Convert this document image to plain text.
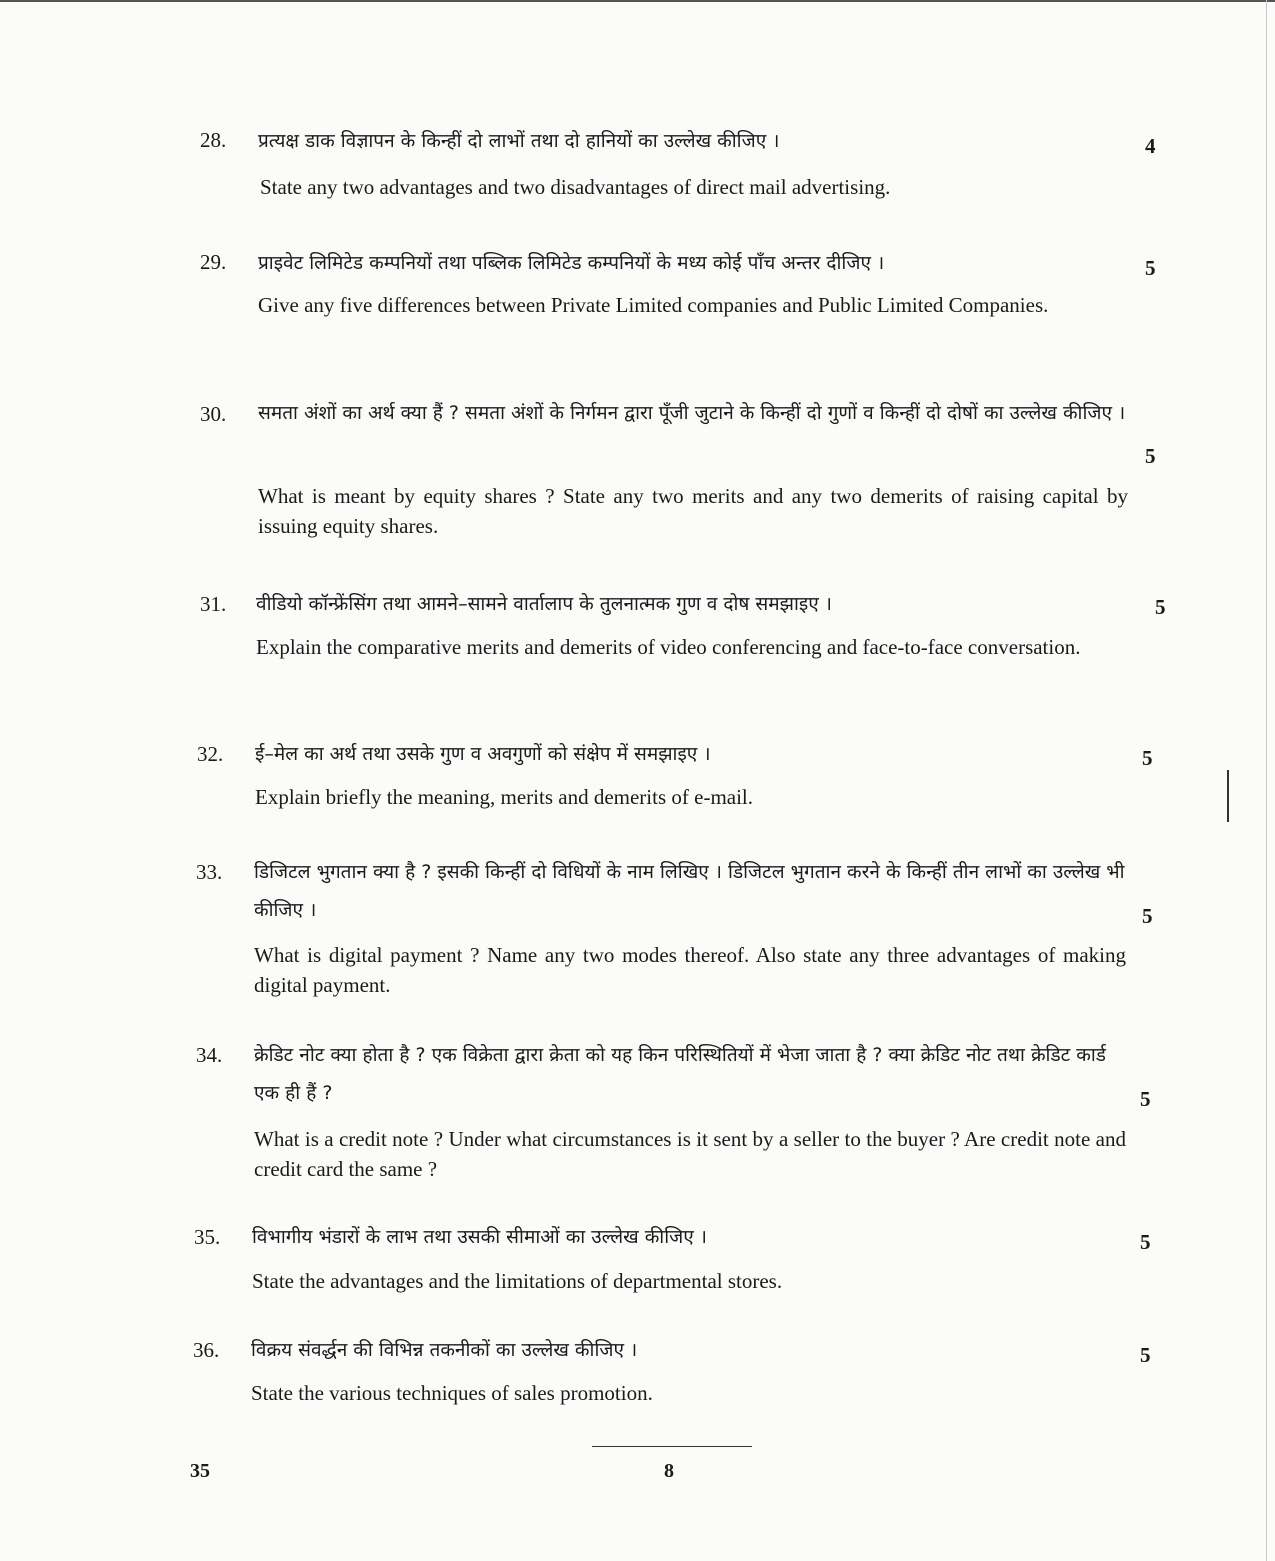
28.	प्रत्यक्ष डाक विज्ञापन के किन्हीं दो लाभों तथा दो हानियों का उल्लेख कीजिए ।	4
State any two advantages and two disadvantages of direct mail advertising.
29.	प्राइवेट लिमिटेड कम्पनियों तथा पब्लिक लिमिटेड कम्पनियों के मध्य कोई पाँच अन्तर दीजिए ।	5
Give any five differences between Private Limited companies and Public Limited Companies.
30.	समता अंशों का अर्थ क्या हैं ? समता अंशों के निर्गमन द्वारा पूँजी जुटाने के किन्हीं दो गुणों व किन्हीं दो दोषों का उल्लेख कीजिए ।
5
What is meant by equity shares ? State any two merits and any two demerits of raising capital by issuing equity shares.
31.	वीडियो कॉन्फ्रेंसिंग तथा आमने–सामने वार्तालाप के तुलनात्मक गुण व दोष समझाइए ।	5
Explain the comparative merits and demerits of video conferencing and face-to-face conversation.
32.	ई–मेल का अर्थ तथा उसके गुण व अवगुणों को संक्षेप में समझाइए ।	5
Explain briefly the meaning, merits and demerits of e-mail.
33.	डिजिटल भुगतान क्या है ? इसकी किन्हीं दो विधियों के नाम लिखिए । डिजिटल भुगतान करने के किन्हीं तीन लाभों का उल्लेख भी कीजिए ।	5
What is digital payment ? Name any two modes thereof. Also state any three advantages of making digital payment.
34.	क्रेडिट नोट क्या होता है ? एक विक्रेता द्वारा क्रेता को यह किन परिस्थितियों में भेजा जाता है ? क्या क्रेडिट नोट तथा क्रेडिट कार्ड एक ही हैं ?	5
What is a credit note ? Under what circumstances is it sent by a seller to the buyer ? Are credit note and credit card the same ?
35.	विभागीय भंडारों के लाभ तथा उसकी सीमाओं का उल्लेख कीजिए ।	5
State the advantages and the limitations of departmental stores.
36.	विक्रय संवर्द्धन की विभिन्न तकनीकों का उल्लेख कीजिए ।	5
State the various techniques of sales promotion.
35	8
